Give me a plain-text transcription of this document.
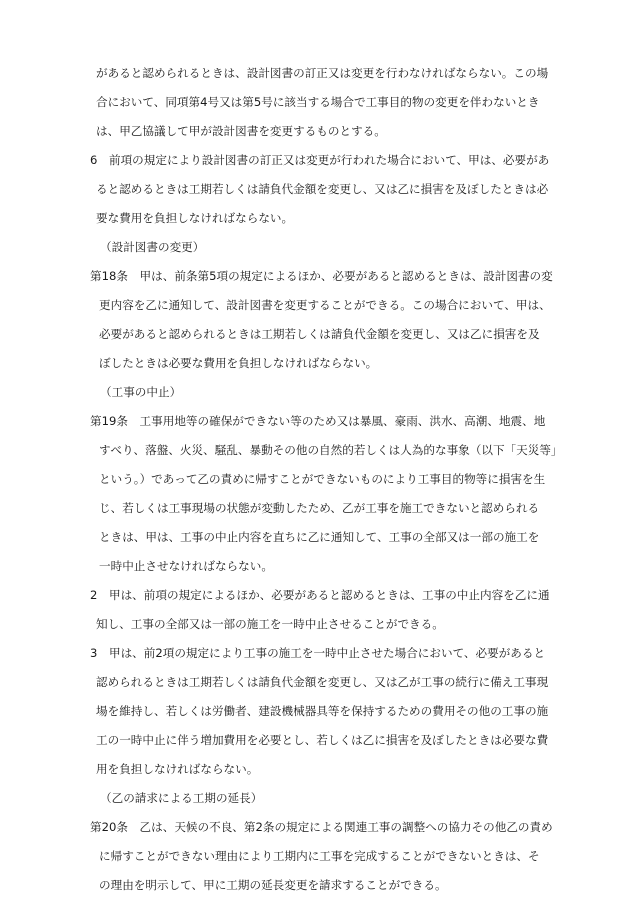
があると認められるときは、設計図書の訂正又は変更を行わなければならない。この場
合において、同項第4号又は第5号に該当する場合で工事目的物の変更を伴わないとき
は、甲乙協議して甲が設計図書を変更するものとする。
6　前項の規定により設計図書の訂正又は変更が行われた場合において、甲は、必要があ
ると認めるときは工期若しくは請負代金額を変更し、又は乙に損害を及ぼしたときは必
要な費用を負担しなければならない。
（設計図書の変更）
第18条　甲は、前条第5項の規定によるほか、必要があると認めるときは、設計図書の変
更内容を乙に通知して、設計図書を変更することができる。この場合において、甲は、
必要があると認められるときは工期若しくは請負代金額を変更し、又は乙に損害を及
ぼしたときは必要な費用を負担しなければならない。
（工事の中止）
第19条　工事用地等の確保ができない等のため又は暴風、豪雨、洪水、高潮、地震、地
すべり、落盤、火災、騒乱、暴動その他の自然的若しくは人為的な事象（以下「天災等」
という。）であって乙の責めに帰すことができないものにより工事目的物等に損害を生
じ、若しくは工事現場の状態が変動したため、乙が工事を施工できないと認められる
ときは、甲は、工事の中止内容を直ちに乙に通知して、工事の全部又は一部の施工を
一時中止させなければならない。
2　甲は、前項の規定によるほか、必要があると認めるときは、工事の中止内容を乙に通
知し、工事の全部又は一部の施工を一時中止させることができる。
3　甲は、前2項の規定により工事の施工を一時中止させた場合において、必要があると
認められるときは工期若しくは請負代金額を変更し、又は乙が工事の続行に備え工事現
場を維持し、若しくは労働者、建設機械器具等を保持するための費用その他の工事の施
工の一時中止に伴う増加費用を必要とし、若しくは乙に損害を及ぼしたときは必要な費
用を負担しなければならない。
（乙の請求による工期の延長）
第20条　乙は、天候の不良、第2条の規定による関連工事の調整への協力その他乙の責め
に帰すことができない理由により工期内に工事を完成することができないときは、そ
の理由を明示して、甲に工期の延長変更を請求することができる。
